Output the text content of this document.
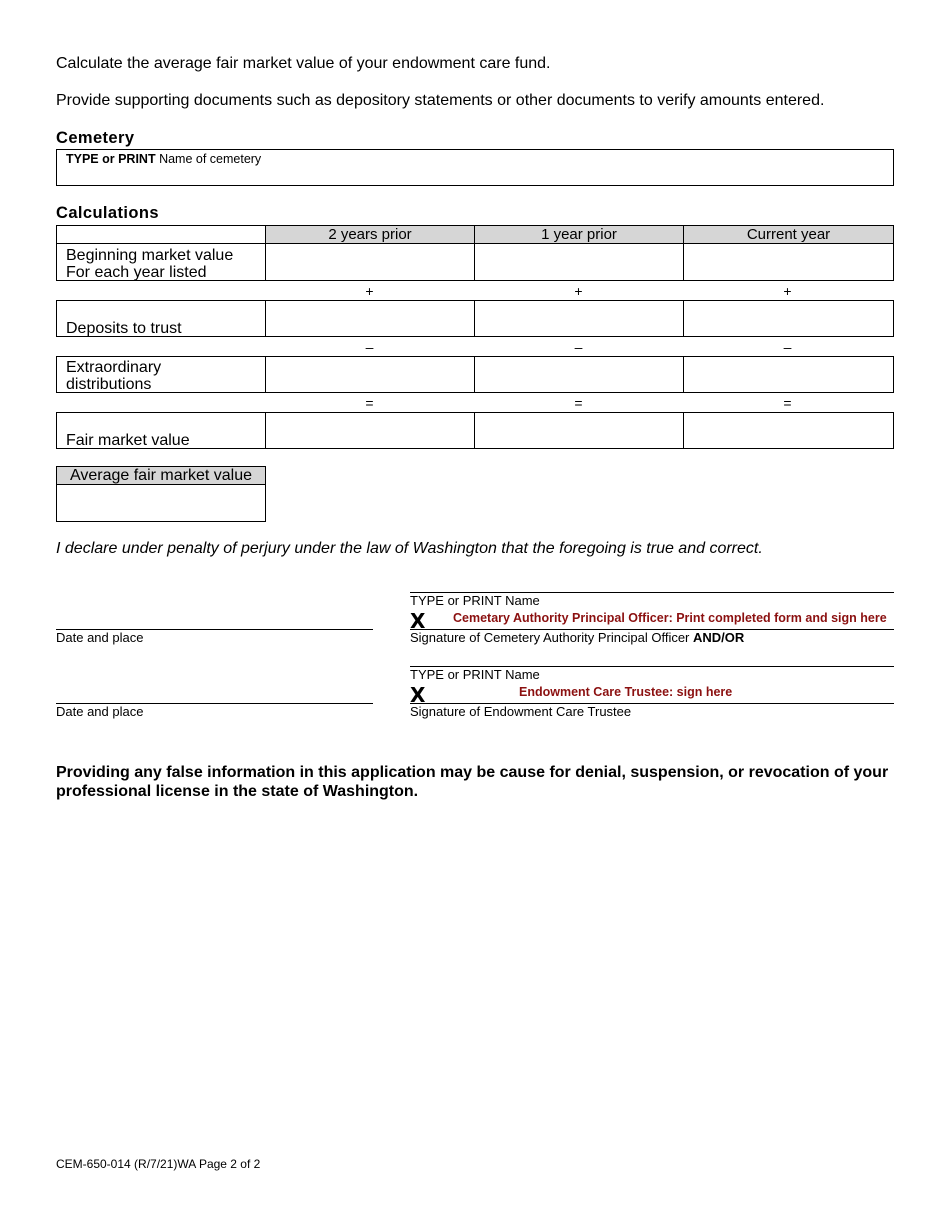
Calculate the average fair market value of your endowment care fund.
Provide supporting documents such as depository statements or other documents to verify amounts entered.
Cemetery
TYPE or PRINT Name of cemetery
Calculations
2 years prior	1 year prior	Current year
Beginning market value
For each year listed
+	+	+
Deposits to trust
–	–	–
Extraordinary
distributions
=	=	=
Fair market value
Average fair market value
I declare under penalty of perjury under the law of Washington that the foregoing is true and correct.
TYPE or PRINT Name
X Cemetary Authority Principal Officer: Print completed form and sign here
Signature of Cemetery Authority Principal Officer AND/OR
Date and place
TYPE or PRINT Name
X	Endowment Care Trustee: sign here
Signature of Endowment Care Trustee
Date and place
Providing any false information in this application may be cause for denial, suspension, or revocation of your professional license in the state of Washington.
CEM-650-014 (R/7/21)WA Page 2 of 2
